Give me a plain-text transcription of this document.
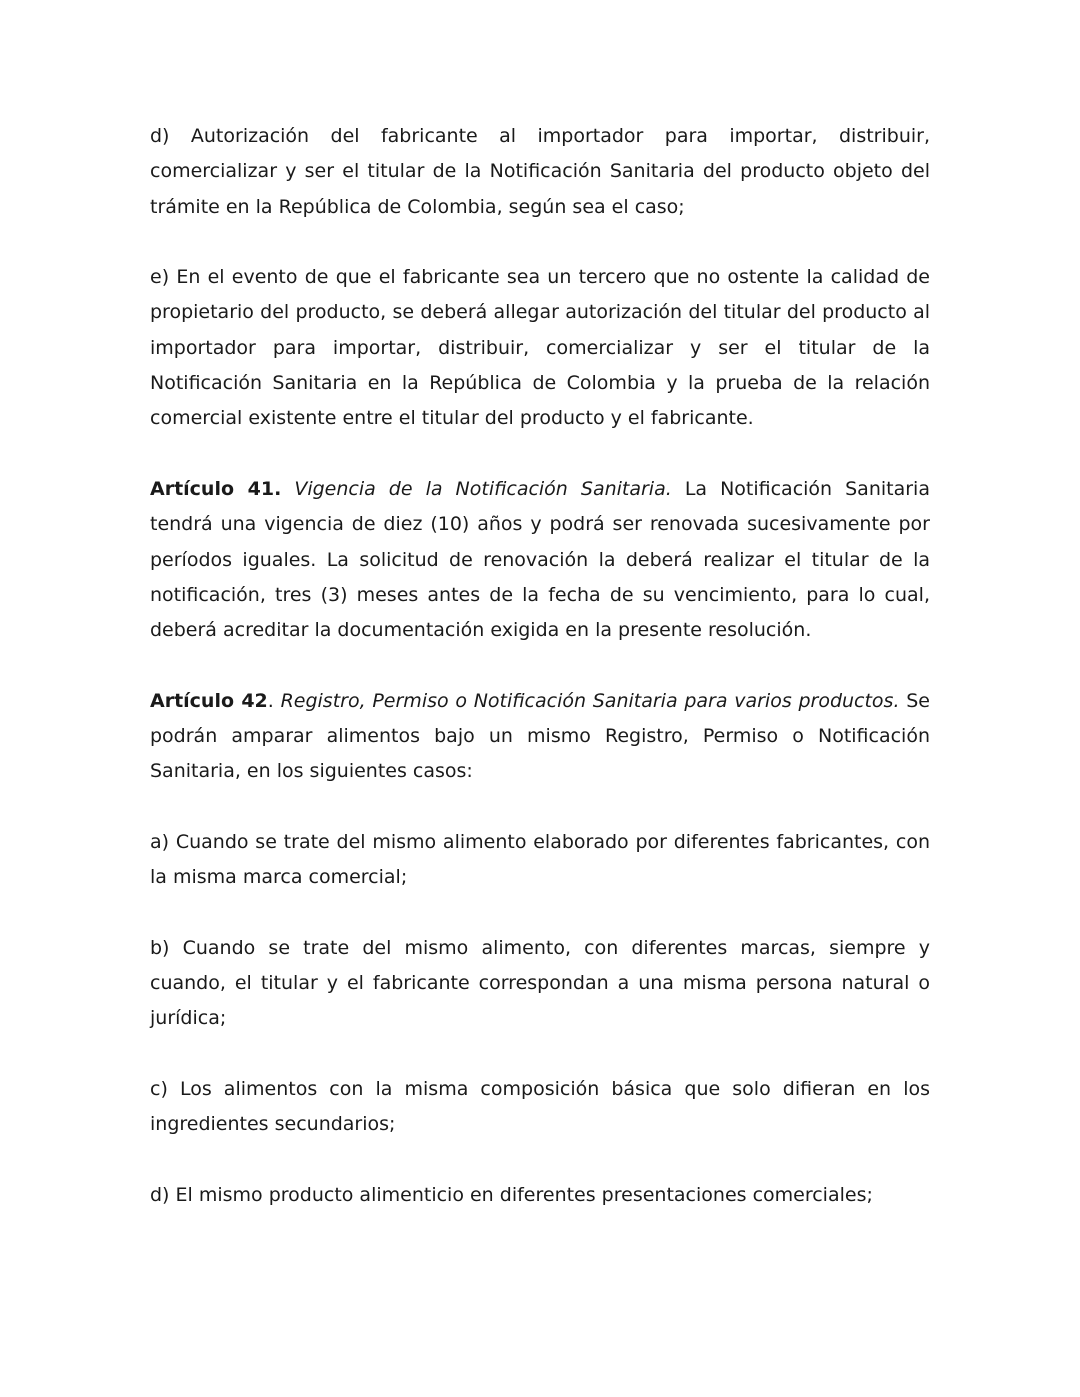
d) Autorización del fabricante al importador para importar, distribuir, comercializar y ser el titular de la Notificación Sanitaria del producto objeto del trámite en la República de Colombia, según sea el caso;

e) En el evento de que el fabricante sea un tercero que no ostente la calidad de propietario del producto, se deberá allegar autorización del titular del producto al importador para importar, distribuir, comercializar y ser el titular de la Notificación Sanitaria en la República de Colombia y la prueba de la relación comercial existente entre el titular del producto y el fabricante.

Artículo 41. Vigencia de la Notificación Sanitaria. La Notificación Sanitaria tendrá una vigencia de diez (10) años y podrá ser renovada sucesivamente por períodos iguales. La solicitud de renovación la deberá realizar el titular de la notificación, tres (3) meses antes de la fecha de su vencimiento, para lo cual, deberá acreditar la documentación exigida en la presente resolución.

Artículo 42. Registro, Permiso o Notificación Sanitaria para varios productos. Se podrán amparar alimentos bajo un mismo Registro, Permiso o Notificación Sanitaria, en los siguientes casos:

a) Cuando se trate del mismo alimento elaborado por diferentes fabricantes, con la misma marca comercial;

b) Cuando se trate del mismo alimento, con diferentes marcas, siempre y cuando, el titular y el fabricante correspondan a una misma persona natural o jurídica;

c) Los alimentos con la misma composición básica que solo difieran en los ingredientes secundarios;

d) El mismo producto alimenticio en diferentes presentaciones comerciales;
